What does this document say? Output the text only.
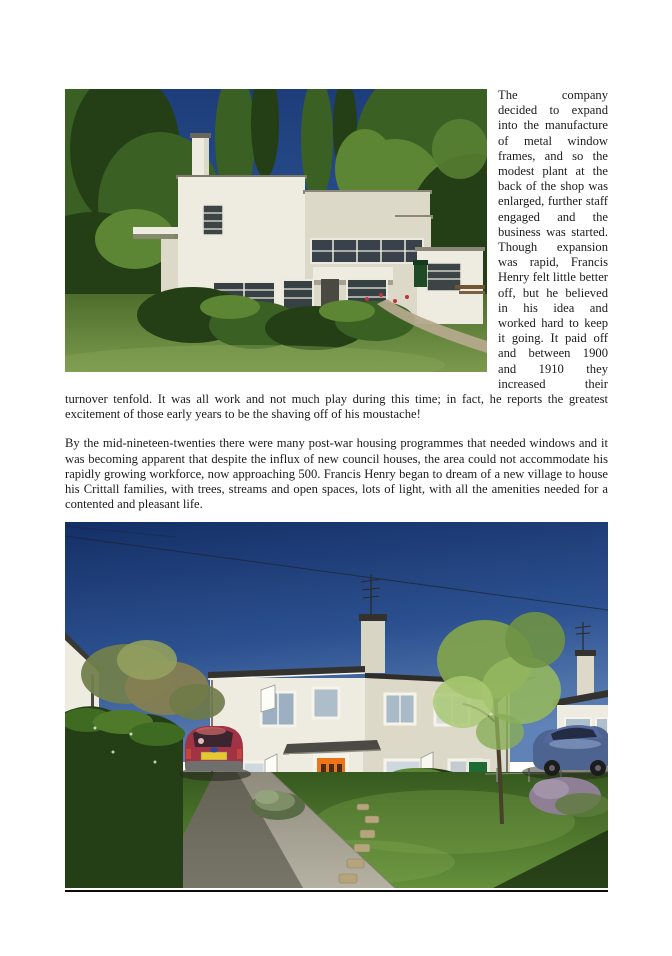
The company decided to expand into the manufacture of metal window frames, and so the modest plant at the back of the shop was enlarged, further staff engaged and the business was started. Though expansion was rapid, Francis Henry felt little better off, but he believed in his idea and worked hard to keep it going. It paid off and between 1900 and 1910 they increased their turnover tenfold. It was all work and not much play during this time; in fact, he reports the greatest excitement of those early years to be the shaving off of his moustache!

By the mid-nineteen-twenties there were many post-war housing programmes that needed windows and it was becoming apparent that despite the influx of new council houses, the area could not accommodate his rapidly growing workforce, now approaching 500. Francis Henry began to dream of a new village to house his Crittall families, with trees, streams and open spaces, lots of light, with all the amenities needed for a contented and pleasant life.
